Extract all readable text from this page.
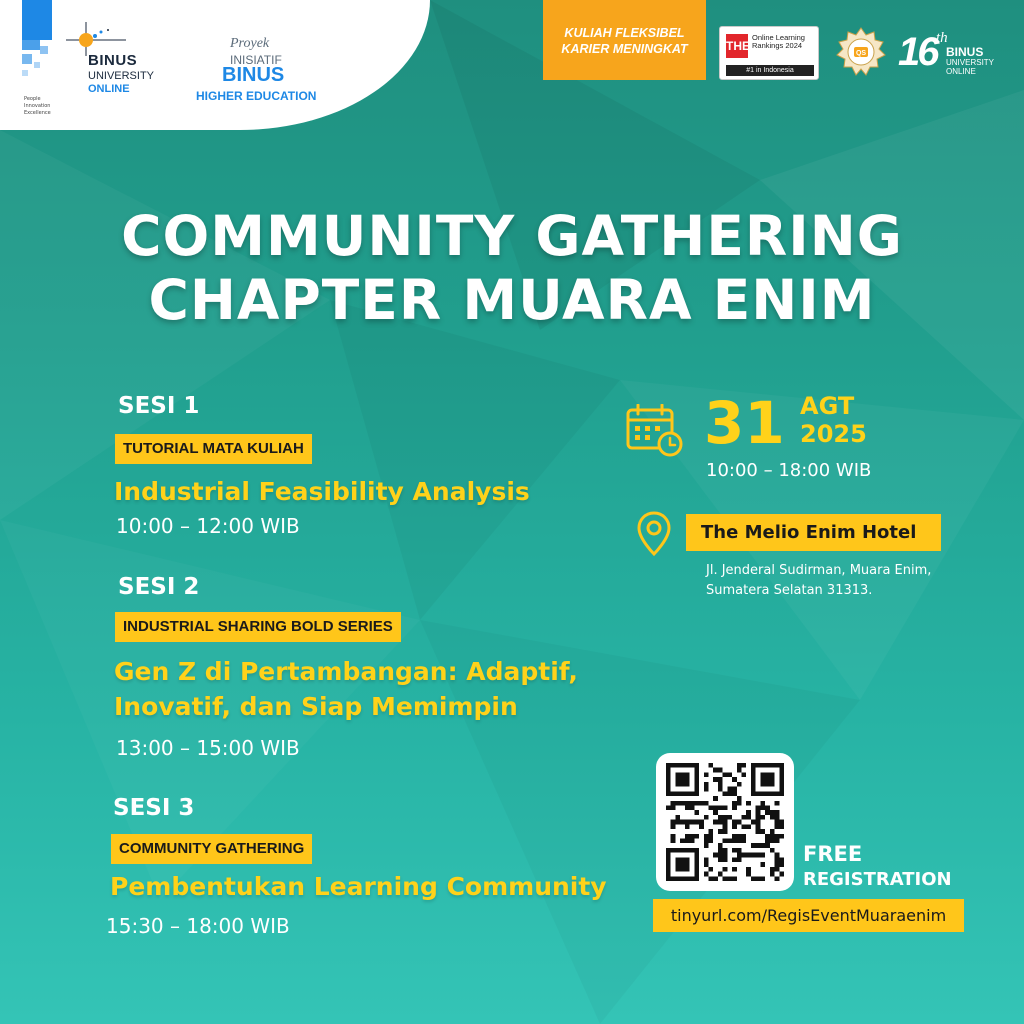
People
Innovation
Excellence
BINUS
UNIVERSITY
ONLINE
Proyek
INISIATIF
BINUS
HIGHER EDUCATION
KULIAH FLEKSIBEL
KARIER MENINGKAT	THE
Online Learning Rankings 2024
#1 in Indonesia
QS 16 th
BINUS
UNIVERSITY
ONLINE
COMMUNITY GATHERING
CHAPTER MUARA ENIM
SESI 1
TUTORIAL MATA KULIAH
Industrial Feasibility Analysis
10:00 – 12:00 WIB
SESI 2
INDUSTRIAL SHARING BOLD SERIES
Gen Z di Pertambangan: Adaptif,
Inovatif, dan Siap Memimpin
13:00 – 15:00 WIB
SESI 3
COMMUNITY GATHERING
Pembentukan Learning Community
15:30 – 18:00 WIB
31 AGT
2025
10:00 – 18:00 WIB
The Melio Enim Hotel
Jl. Jenderal Sudirman, Muara Enim,
Sumatera Selatan 31313.
FREE
REGISTRATION
tinyurl.com/RegisEventMuaraenim
